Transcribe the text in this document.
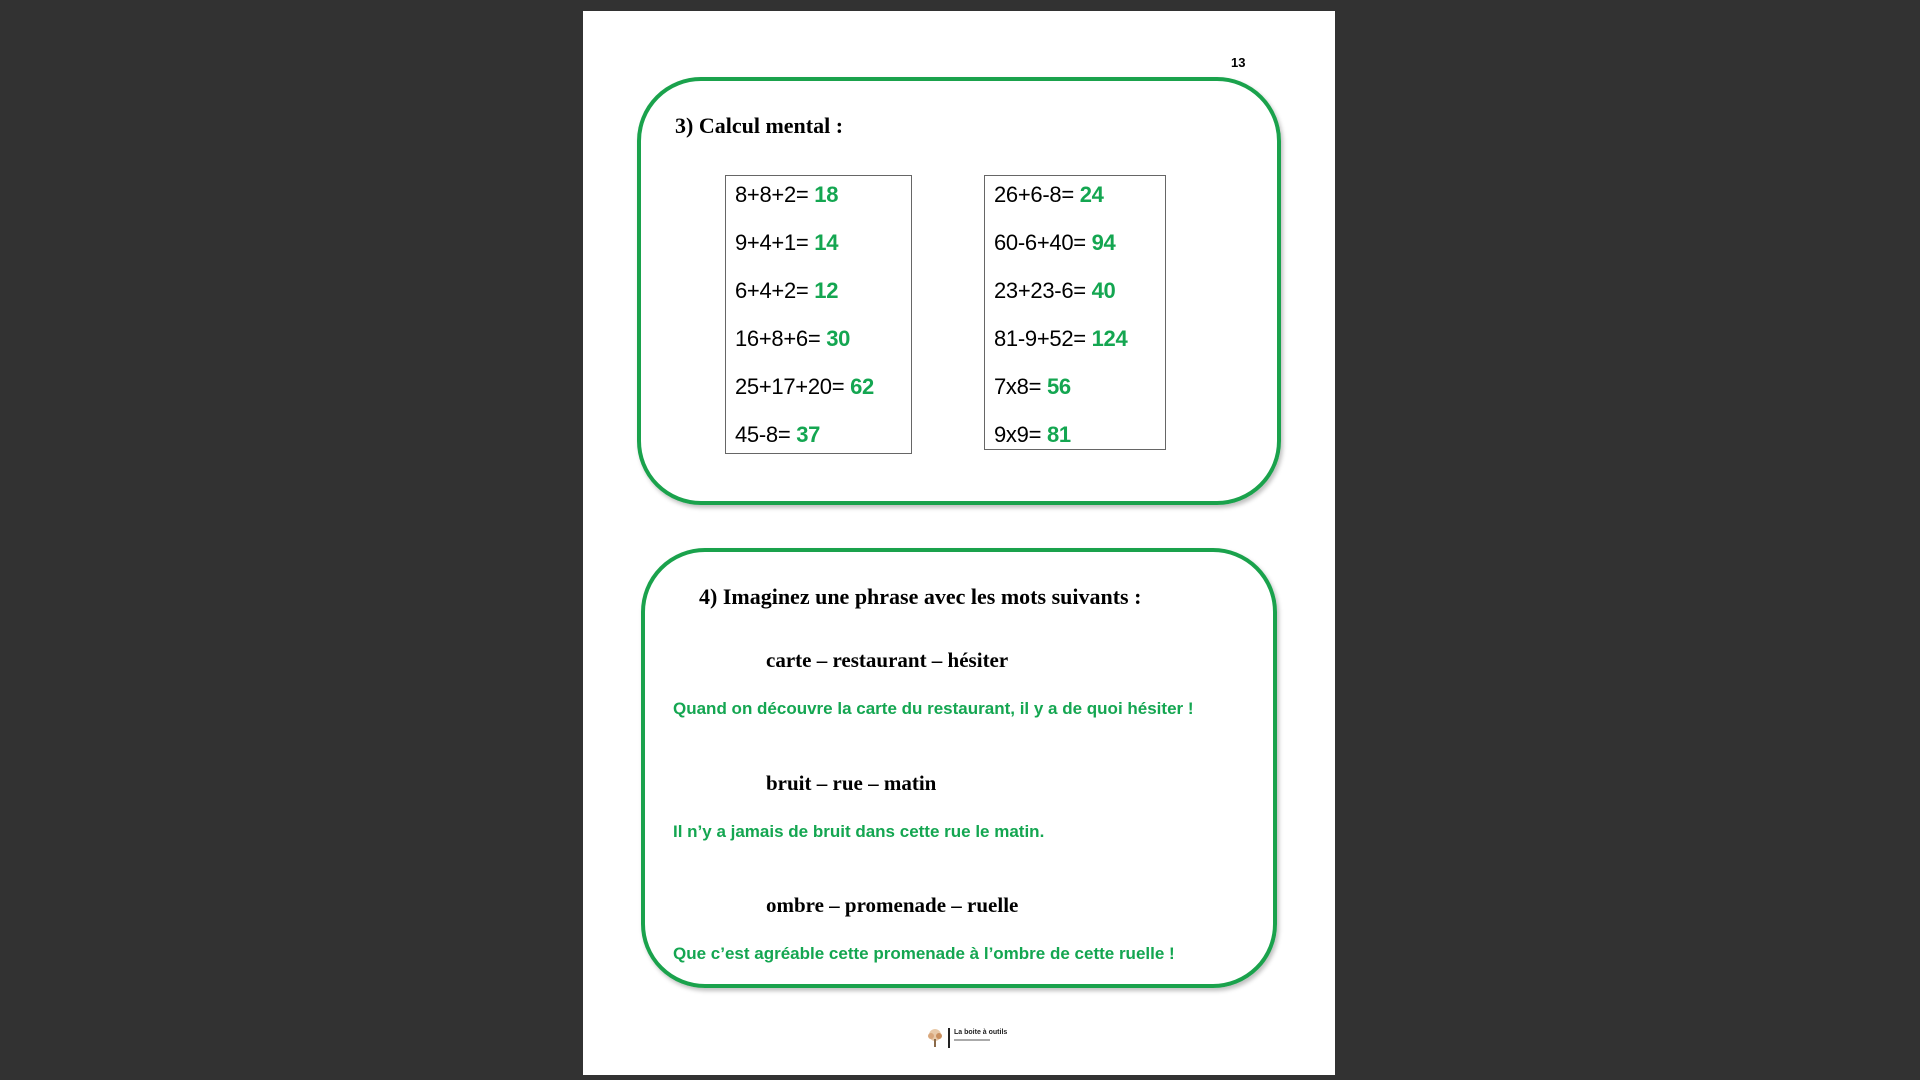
13
3) Calcul mental :
8+8+2= 18
9+4+1= 14
6+4+2= 12
16+8+6= 30
25+17+20= 62
45-8= 37
26+6-8= 24
60-6+40= 94
23+23-6= 40
81-9+52= 124
7x8= 56
9x9= 81
4) Imaginez une phrase avec les mots suivants :
carte – restaurant – hésiter
Quand on découvre la carte du restaurant, il y a de quoi hésiter !
bruit – rue – matin
Il n’y a jamais de bruit dans cette rue le matin.
ombre – promenade – ruelle
Que c’est agréable cette promenade à l’ombre de cette ruelle !
La boite à outils
